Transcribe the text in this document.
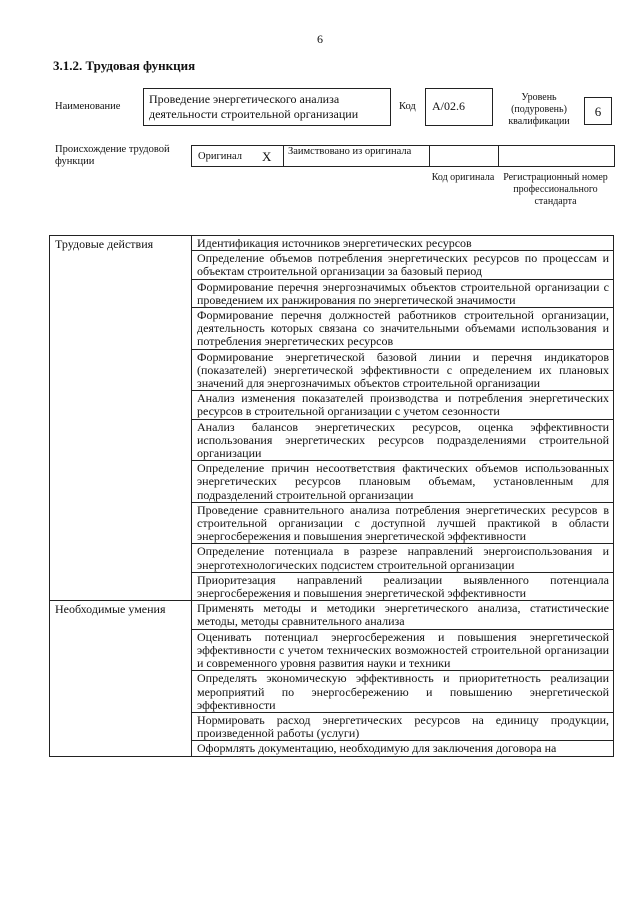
6
3.1.2. Трудовая функция
Наименование
Проведение энергетического анализа деятельности строительной организации
Код	A/02.6
Уровень (подуровень) квалификации
6
Происхождение трудовой функции	Оригинал X	Заимствовано из оригинала
Код оригинала Регистрационный номер профессионального стандарта
Трудовые действия	Идентификация источников энергетических ресурсов
	Определение объемов потребления энергетических ресурсов по процессам и объектам строительной организации за базовый период
	Формирование перечня энергозначимых объектов строительной организации с проведением их ранжирования по энергетической значимости
	Формирование перечня должностей работников строительной организации, деятельность которых связана со значительными объемами использования и потребления энергетических ресурсов
	Формирование энергетической базовой линии и перечня индикаторов (показателей) энергетической эффективности с определением их плановых значений для энергозначимых объектов строительной организации
	Анализ изменения показателей производства и потребления энергетических ресурсов в строительной организации с учетом сезонности
	Анализ балансов энергетических ресурсов, оценка эффективности использования энергетических ресурсов подразделениями строительной организации
	Определение причин несоответствия фактических объемов использованных энергетических ресурсов плановым объемам, установленным для подразделений строительной организации
	Проведение сравнительного анализа потребления энергетических ресурсов в строительной организации с доступной лучшей практикой в области энергосбережения и повышения энергетической эффективности
	Определение потенциала в разрезе направлений энергоиспользования и энерготехнологических подсистем строительной организации
	Приоритезация направлений реализации выявленного потенциала энергосбережения и повышения энергетической эффективности
Необходимые умения	Применять методы и методики энергетического анализа, статистические методы, методы сравнительного анализа
	Оценивать потенциал энергосбережения и повышения энергетической эффективности с учетом технических возможностей строительной организации и современного уровня развития науки и техники
	Определять экономическую эффективность и приоритетность реализации мероприятий по энергосбережению и повышению энергетической эффективности
	Нормировать расход энергетических ресурсов на единицу продукции, произведенной работы (услуги)
	Оформлять документацию, необходимую для заключения договора на
